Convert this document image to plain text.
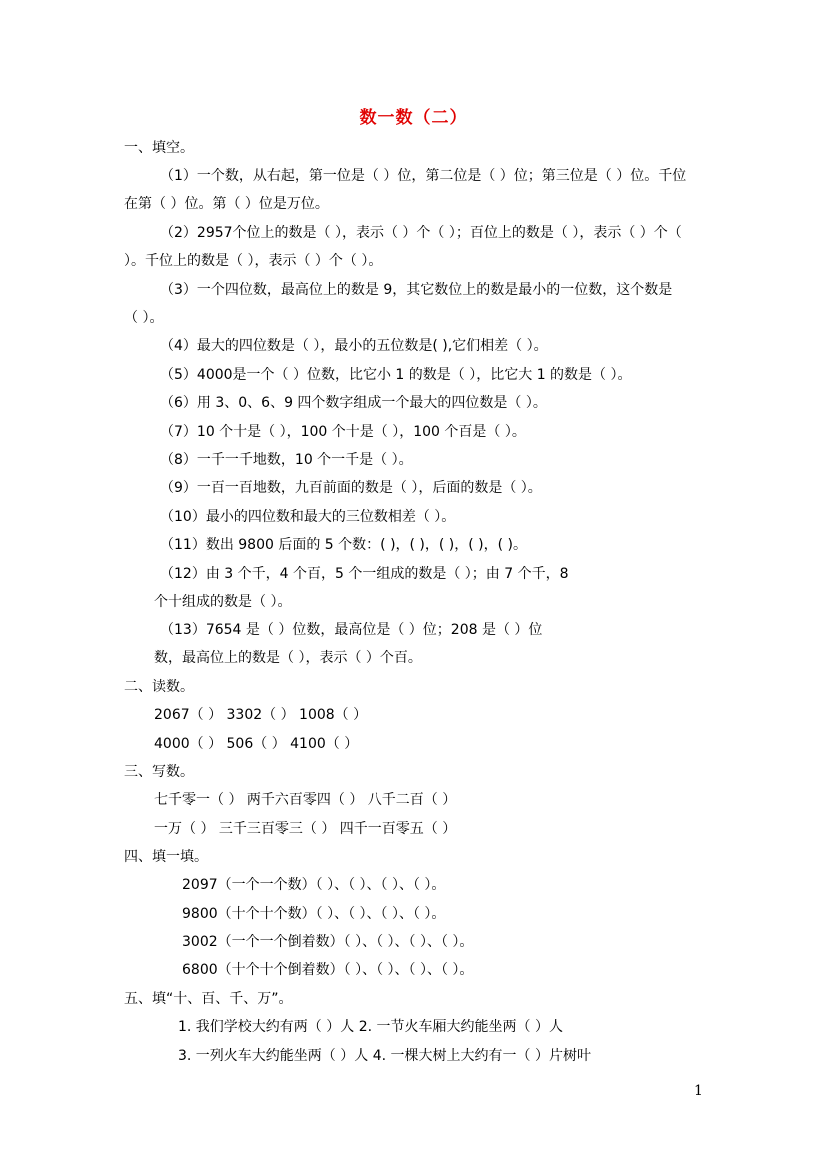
数一数（二）
一、填空。
（1）一个数，从右起，第一位是（ ）位，第二位是（ ）位；第三位是（ ）位。千位
在第（ ）位。第（ ）位是万位。
（2）2957个位上的数是（ ），表示（ ）个（ ）；百位上的数是（ ），表示（ ）个（
）。千位上的数是（ ），表示（ ）个（ ）。
（3）一个四位数，最高位上的数是 9，其它数位上的数是最小的一位数，这个数是
（ ）。
（4）最大的四位数是（ ），最小的五位数是( ),它们相差（ ）。
（5）4000是一个（ ）位数，比它小 1 的数是（ ），比它大 1 的数是（ ）。
（6）用 3、0、6、9 四个数字组成一个最大的四位数是（ ）。
（7）10 个十是（ ），100 个十是（ ），100 个百是（ ）。
（8）一千一千地数，10 个一千是（ ）。
（9）一百一百地数，九百前面的数是（ ），后面的数是（ ）。
（10）最小的四位数和最大的三位数相差（ ）。
（11）数出 9800 后面的 5 个数：( )，( )，( )，( )，( )。
（12）由 3 个千，4 个百，5 个一组成的数是（ ）；由 7 个千，8
个十组成的数是（ ）。
（13）7654 是（ ）位数，最高位是（ ）位；208 是（ ）位
数，最高位上的数是（ ），表示（ ）个百。
二、读数。
2067（ ） 3302（ ） 1008（ ）
4000（ ） 506（ ） 4100（ ）
三、写数。
七千零一（ ） 两千六百零四（ ） 八千二百（ ）
一万（ ） 三千三百零三（ ） 四千一百零五（ ）
四、填一填。
2097（一个一个数）（ ）、（ ）、（ ）、（ ）。
9800（十个十个数）（ ）、（ ）、（ ）、（ ）。
3002（一个一个倒着数）（ ）、（ ）、（ ）、（ ）。
6800（十个十个倒着数）（ ）、（ ）、（ ）、（ ）。
五、填“十、百、千、万”。
1. 我们学校大约有两（ ）人 2. 一节火车厢大约能坐两（ ）人
3. 一列火车大约能坐两（ ）人 4. 一棵大树上大约有一（ ）片树叶
1
